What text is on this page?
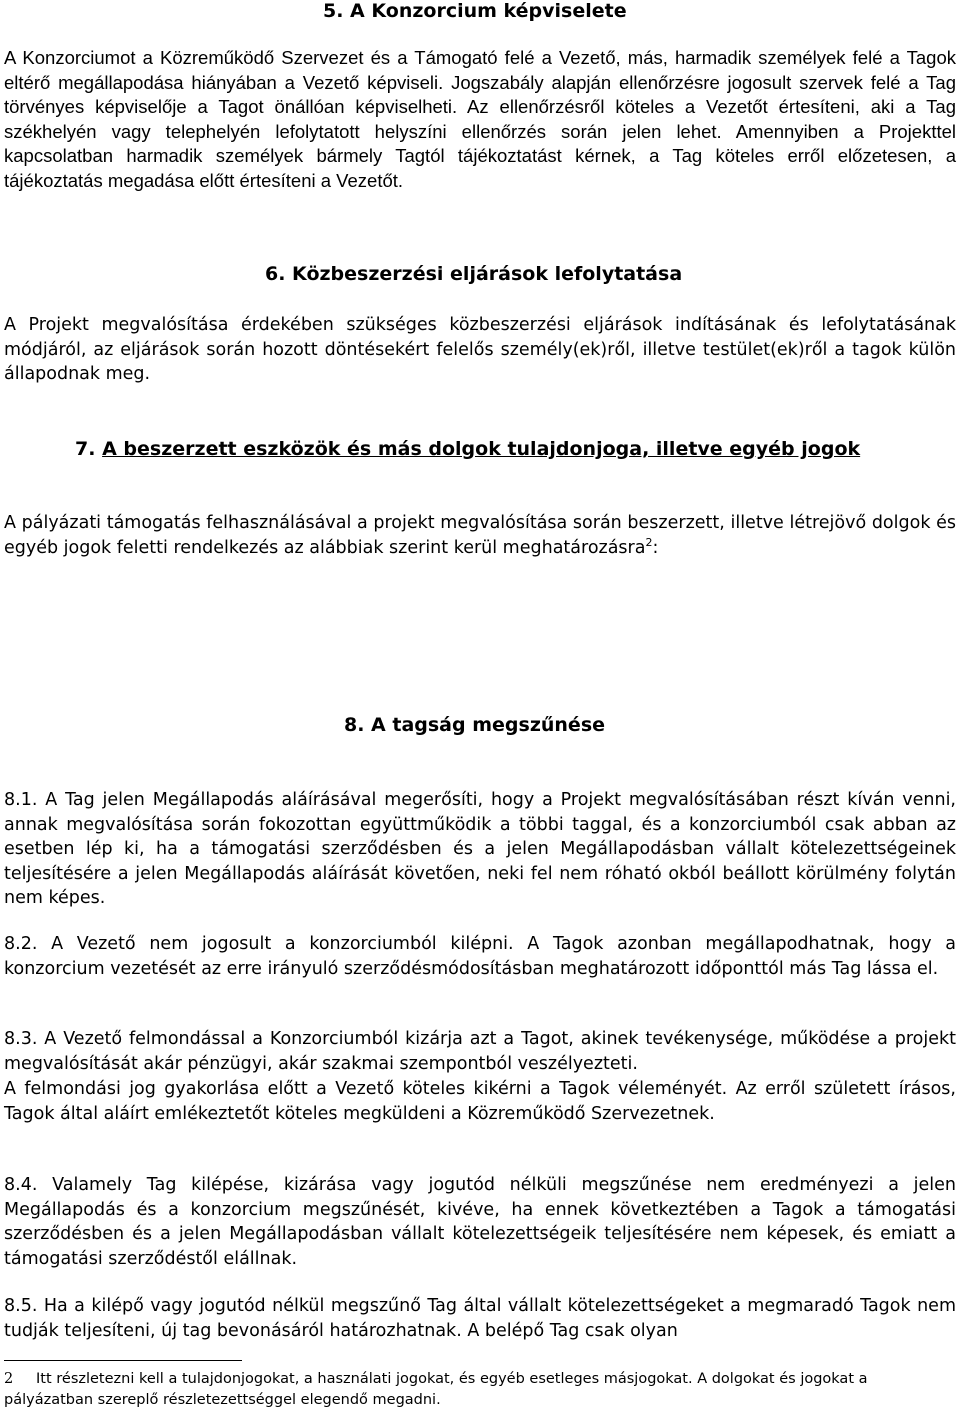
5. A Konzorcium képviselete

A Konzorciumot a Közreműködő Szervezet és a Támogató felé a Vezető, más, harmadik személyek felé a Tagok eltérő megállapodása hiányában a Vezető képviseli. Jogszabály alapján ellenőrzésre jogosult szervek felé a Tag törvényes képviselője a Tagot önállóan képviselheti. Az ellenőrzésről köteles a Vezetőt értesíteni, aki a Tag székhelyén vagy telephelyén lefolytatott helyszíni ellenőrzés során jelen lehet. Amennyiben a Projekttel kapcsolatban harmadik személyek bármely Tagtól tájékoztatást kérnek, a Tag köteles erről előzetesen, a tájékoztatás megadása előtt értesíteni a Vezetőt.

6. Közbeszerzési eljárások lefolytatása

A Projekt megvalósítása érdekében szükséges közbeszerzési eljárások indításának és lefolytatásának módjáról, az eljárások során hozott döntésekért felelős személy(ek)ről, illetve testület(ek)ről a tagok külön állapodnak meg.

7. A beszerzett eszközök és más dolgok tulajdonjoga, illetve egyéb jogok

A pályázati támogatás felhasználásával a projekt megvalósítása során beszerzett, illetve létrejövő dolgok és egyéb jogok feletti rendelkezés az alábbiak szerint kerül meghatározásra$^2$:

8. A tagság megszűnése

8.1. A Tag jelen Megállapodás aláírásával megerősíti, hogy a Projekt megvalósításában részt kíván venni, annak megvalósítása során fokozottan együttműködik a többi taggal, és a konzorciumból csak abban az esetben lép ki, ha a támogatási szerződésben és a jelen Megállapodásban vállalt kötelezettségeinek teljesítésére a jelen Megállapodás aláírását követően, neki fel nem róható okból beállott körülmény folytán nem képes.

8.2. A Vezető nem jogosult a konzorciumból kilépni. A Tagok azonban megállapodhatnak, hogy a konzorcium vezetését az erre irányuló szerződésmódosításban meghatározott időponttól más Tag lássa el.

8.3. A Vezető felmondással a Konzorciumból kizárja azt a Tagot, akinek tevékenysége, működése a projekt megvalósítását akár pénzügyi, akár szakmai szempontból veszélyezteti.

A felmondási jog gyakorlása előtt a Vezető köteles kikérni a Tagok véleményét. Az erről született írásos, Tagok által aláírt emlékeztetőt köteles megküldeni a Közreműködő Szervezetnek.

8.4. Valamely Tag kilépése, kizárása vagy jogutód nélküli megszűnése nem eredményezi a jelen Megállapodás és a konzorcium megszűnését, kivéve, ha ennek következtében a Tagok a támogatási szerződésben és a jelen Megállapodásban vállalt kötelezettségeik teljesítésére nem képesek, és emiatt a támogatási szerződéstől elállnak.

8.5. Ha a kilépő vagy jogutód nélkül megszűnő Tag által vállalt kötelezettségeket a megmaradó Tagok nem tudják teljesíteni, új tag bevonásáról határozhatnak. A belépő Tag csak olyan

2 Itt részletezni kell a tulajdonjogokat, a használati jogokat, és egyéb esetleges másjogokat. A dolgokat és jogokat a pályázatban szereplő részletezettséggel elegendő megadni.
